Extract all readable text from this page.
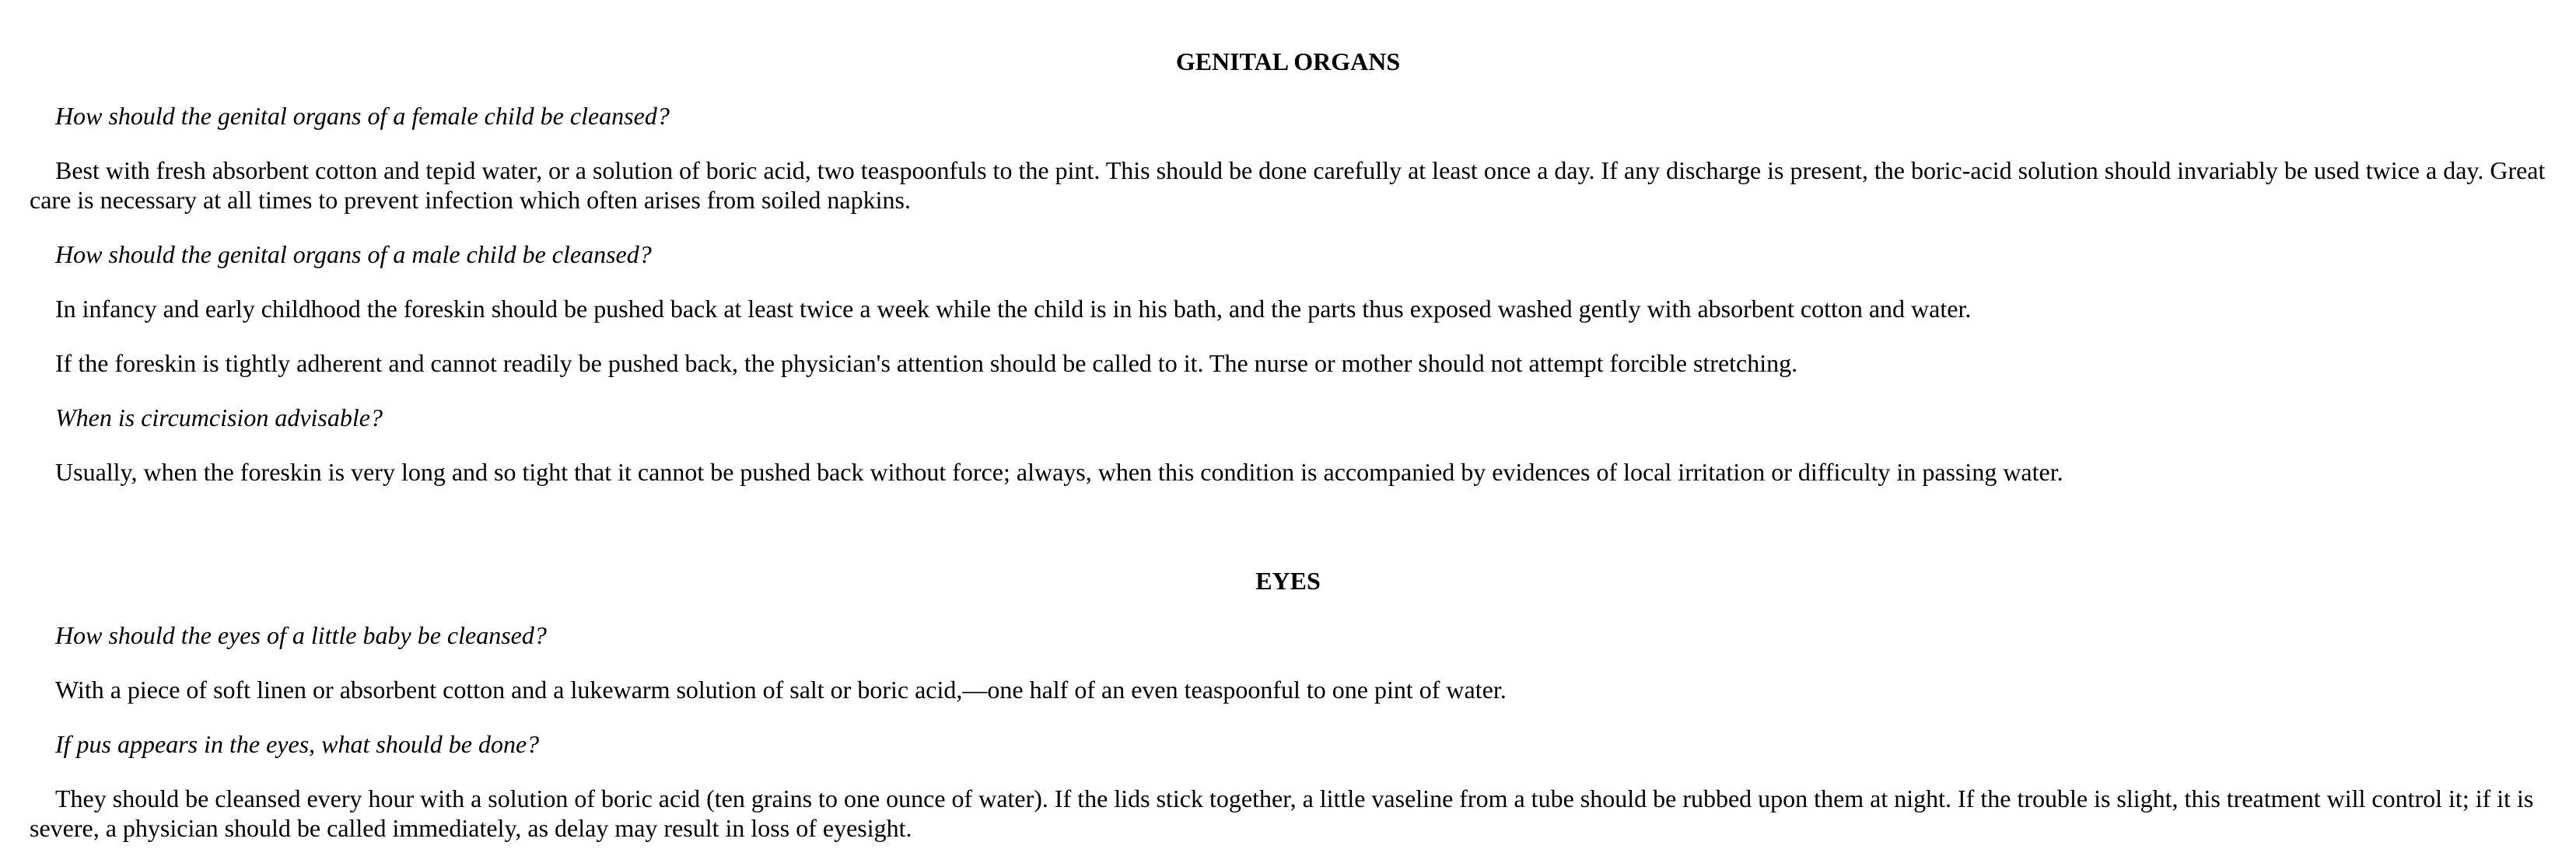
GENITAL ORGANS

How should the genital organs of a female child be cleansed?

Best with fresh absorbent cotton and tepid water, or a solution of boric acid, two teaspoonfuls to the pint. This should be done carefully at least once a day. If any discharge is present, the boric-acid solution should invariably be used twice a day. Great care is necessary at all times to prevent infection which often arises from soiled napkins.

How should the genital organs of a male child be cleansed?

In infancy and early childhood the foreskin should be pushed back at least twice a week while the child is in his bath, and the parts thus exposed washed gently with absorbent cotton and water.

If the foreskin is tightly adherent and cannot readily be pushed back, the physician's attention should be called to it. The nurse or mother should not attempt forcible stretching.

When is circumcision advisable?

Usually, when the foreskin is very long and so tight that it cannot be pushed back without force; always, when this condition is accompanied by evidences of local irritation or difficulty in passing water.

EYES

How should the eyes of a little baby be cleansed?

With a piece of soft linen or absorbent cotton and a lukewarm solution of salt or boric acid,—one half of an even teaspoonful to one pint of water.

If pus appears in the eyes, what should be done?

They should be cleansed every hour with a solution of boric acid (ten grains to one ounce of water). If the lids stick together, a little vaseline from a tube should be rubbed upon them at night. If the trouble is slight, this treatment will control it; if it is severe, a physician should be called immediately, as delay may result in loss of eyesight.
